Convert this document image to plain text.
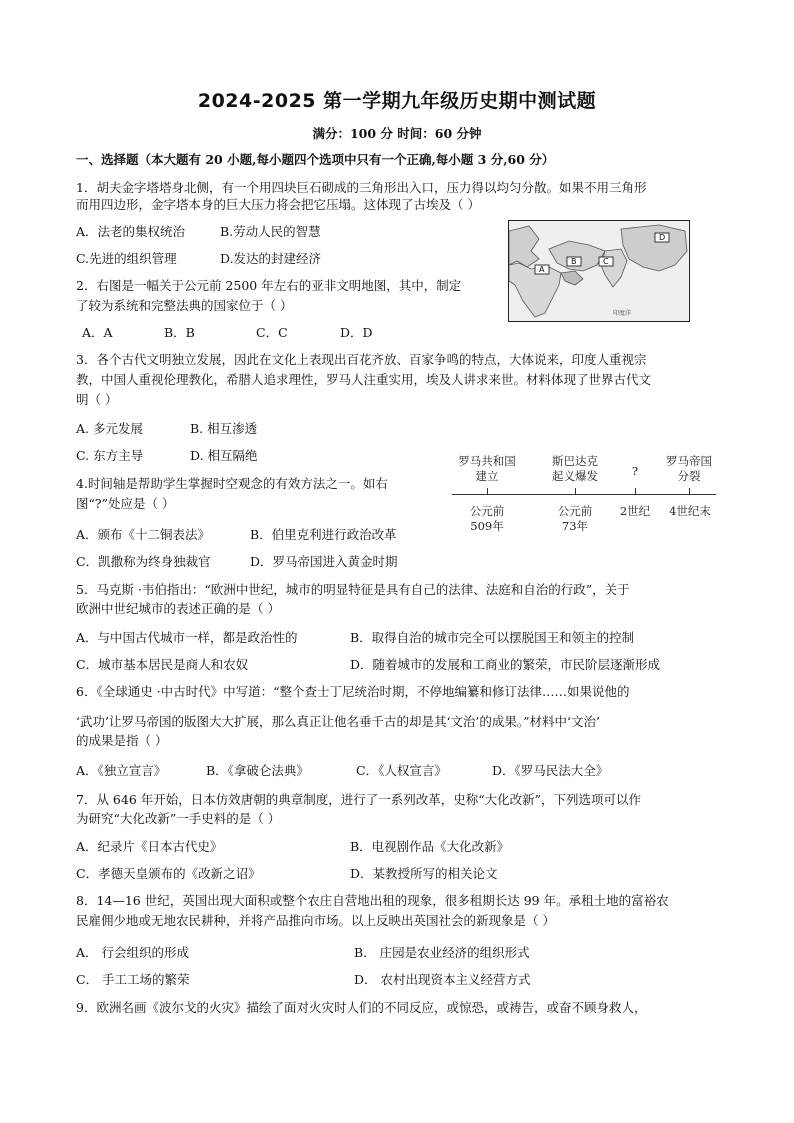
2024-2025 第一学期九年级历史期中测试题
满分：100 分 时间：60 分钟
一、选择题（本大题有 20 小题,每小题四个选项中只有一个正确,每小题 3 分,60 分）
1．胡夫金字塔塔身北侧，有一个用四块巨石砌成的三角形出入口，压力得以均匀分散。如果不用三角形
而用四边形，金字塔本身的巨大压力将会把它压塌。这体现了古埃及（ ）
A．法老的集权统治	B.劳动人民的智慧
C.先进的组织管理	D.发达的封建经济
A
B	C
D
印度洋
2．右图是一幅关于公元前 2500 年左右的亚非文明地图，其中，制定
了较为系统和完整法典的国家位于（ ）
A．A	B．B	C．C	D．D
3．各个古代文明独立发展，因此在文化上表现出百花齐放、百家争鸣的特点，大体说来，印度人重视宗
教，中国人重视伦理教化，希腊人追求理性，罗马人注重实用，埃及人讲求来世。材料体现了世界古代文
明（ ）
A. 多元发展	B. 相互渗透
C. 东方主导	D. 相互隔绝	罗马共和国
建立
斯巴达克
起义爆发	?
罗马帝国
分裂
公元前
509年
公元前
73年
2世纪	4世纪末
4.时间轴是帮助学生掌握时空观念的有效方法之一。如右
图“?”处应是（ ）
A．颁布《十二铜表法》	B．伯里克利进行政治改革
C．凯撒称为终身独裁官	D．罗马帝国进入黄金时期
5．马克斯 ·韦伯指出：“欧洲中世纪，城市的明显特征是具有自己的法律、法庭和自治的行政”，关于
欧洲中世纪城市的表述正确的是（ ）
A．与中国古代城市一样，都是政治性的	B．取得自治的城市完全可以摆脱国王和领主的控制
C．城市基本居民是商人和农奴	D．随着城市的发展和工商业的繁荣，市民阶层逐渐形成
6．《全球通史 ·中古时代》中写道：“整个查士丁尼统治时期，不停地编纂和修订法律……如果说他的
‘武功’让罗马帝国的版图大大扩展，那么真正让他名垂千古的却是其‘文治’的成果。”材料中‘文治’
的成果是指（ ）
A．《独立宣言》	B．《拿破仑法典》	C．《人权宣言》	D．《罗马民法大全》
7．从 646 年开始，日本仿效唐朝的典章制度，进行了一系列改革，史称“大化改新”，下列选项可以作
为研究“大化改新”一手史料的是（ ）
A．纪录片《日本古代史》	B．电视剧作品《大化改新》
C．孝德天皇颁布的《改新之诏》	D．某教授所写的相关论文
8．14—16 世纪，英国出现大面积或整个农庄自营地出租的现象，很多租期长达 99 年。承租土地的富裕农
民雇佣少地或无地农民耕种，并将产品推向市场。以上反映出英国社会的新现象是（ ）
A． 行会组织的形成	B． 庄园是农业经济的组织形式
C． 手工工场的繁荣	D． 农村出现资本主义经营方式
9．欧洲名画《波尔戈的火灾》描绘了面对火灾时人们的不同反应，或惊恐，或祷告，或奋不顾身救人，
